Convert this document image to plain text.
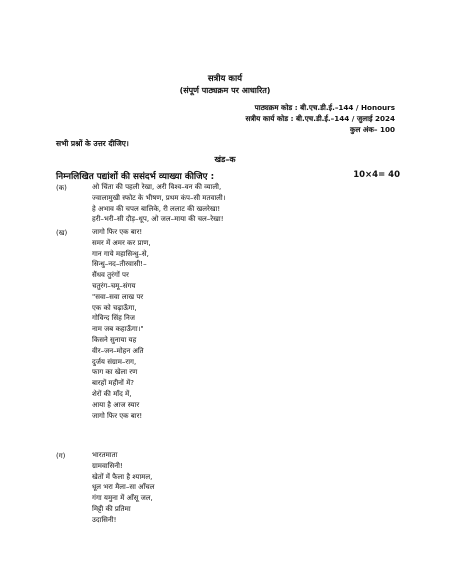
सत्रीय कार्य
(संपूर्ण पाठ्यक्रम पर आधारित)
पाठ्यक्रम कोड : बी.एच.डी.ई.–144 / Honours
सत्रीय कार्य कोड : बी.एच.डी.ई.–144 / जुलाई 2024
कुल अंक– 100
सभी प्रश्नों के उत्तर दीजिए।
खंड–क
निम्नलिखित पद्यांशों की ससंदर्भ व्याख्या कीजिए :	10×4= 40
(क)	ओ चिंता की पहली रेखा, अरी विश्व–वन की व्याली,
ज्वालामुखी स्फोट के भीषण, प्रथम कंप–सी मतवाली।
हे अभाव की चपल बालिके, री ललाट की खलरेखा!
हरी–भरी–सी दौड़–धूप, ओ जल–माया की चल–रेखा!
(ख)	जागो फिर एक बार!
समर में अमर कर प्राण,
गान गाये महासिन्धु–से,
सिन्धु–नद–तीरवासी!–
सैंधव तुरंगों पर
चतुरंग–चमू–संगय
"सवा–सवा लाख पर
एक को चढ़ाऊँगा,
गोविन्द सिंह निज
नाम जब कहाऊँगा।"
किसने सुनाया यह
वीर–जन–मोहन अति
दुर्जय संग्राम–राग,
फाग का खेला रण
बारहों महीनों में?
शेरों की माँद में,
आया है आज स्यार
जागो फिर एक बार!
(ग)	भारतमाता
ग्रामवासिनी!
खेतों में फैला है श्यामल,
धूल भरा मैला–सा आँचल
गंगा यमुना में आँसू जल,
मिट्टी की प्रतिमा
उदासिनी!
